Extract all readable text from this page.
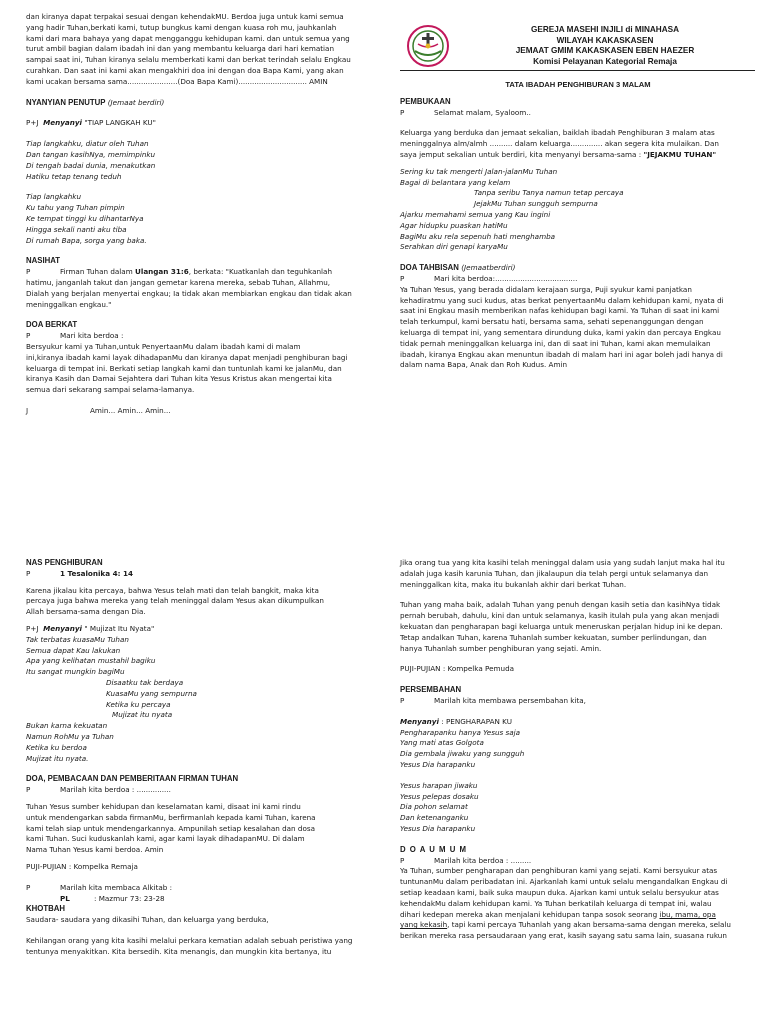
dan kiranya dapat terpakai sesuai dengan kehendakMU. Berdoa juga untuk kami semua

yang hadir Tuhan,berkati kami, tutup bungkus kami dengan kuasa roh mu, jauhkanlah

kami dari mara bahaya yang dapat mengganggu kehidupan kami. dan untuk semua yang

turut ambil bagian dalam ibadah ini dan yang membantu keluarga dari hari kematian

sampai saat ini, Tuhan kiranya selalu memberkati kami dan berkat terindah selalu Engkau

curahkan. Dan saat ini kami akan mengakhiri doa ini dengan doa Bapa Kami, yang akan

kami ucakan bersama sama......................(Doa Bapa Kami).............................. AMIN

NYANYIAN PENUTUP (Jemaat berdiri)

P+J Menyanyi "TIAP LANGKAH KU"

Tiap langkahku, diatur oleh Tuhan

Dan tangan kasihNya, memimpinku

Di tengah badai dunia, menakutkan

Hatiku tetap tenang teduh

Tiap langkahku

Ku tahu yang Tuhan pimpin

Ke tempat tinggi ku dihantarNya

Hingga sekali nanti aku tiba

Di rumah Bapa, sorga yang baka.

NASIHAT

P	Firman Tuhan dalam Ulangan 31:6, berkata: "Kuatkanlah dan teguhkanlah

hatimu, janganlah takut dan jangan gemetar karena mereka, sebab Tuhan, Allahmu,

Dialah yang berjalan menyertai engkau; Ia tidak akan membiarkan engkau dan tidak akan

meninggalkan engkau."

DOA BERKAT

P	Mari kita berdoa :

Bersyukur kami ya Tuhan,untuk PenyertaanMu dalam ibadah kami di malam

ini,kiranya ibadah kami layak dihadapanMu dan kiranya dapat menjadi penghiburan bagi

keluarga di tempat ini. Berkati setiap langkah kami dan tuntunlah kami ke jalanMu, dan

kiranya Kasih dan Damai Sejahtera dari Tuhan kita Yesus Kristus akan mengertai kita

semua dari sekarang sampai selama-lamanya.

J	Amin... Amin... Amin...
GEREJA MASEHI INJILI di MINAHASA
WILAYAH KAKASKASEN
JEMAAT GMIM KAKASKASEN EBEN HAEZER
Komisi Pelayanan Kategorial Remaja

TATA IBADAH PENGHIBURAN 3 MALAM

PEMBUKAAN

P	Selamat malam, Syaloom..

Keluarga yang berduka dan jemaat sekalian, baiklah ibadah Penghiburan 3 malam atas

meninggalnya alm/almh .......... dalam keluarga.............. akan segera kita mulaikan. Dan

saya jemput sekalian untuk berdiri, kita menyanyi bersama-sama : "JEJAKMU TUHAN"

Sering ku tak mengerti Jalan-jalanMu Tuhan

Bagai di belantara yang kelam

Tanpa seribu Tanya namun tetap percaya

JejakMu Tuhan sungguh sempurna

Ajarku memahami semua yang Kau ingini

Agar hidupku puaskan hatiMu

BagiMu aku rela sepenuh hati menghamba

Serahkan diri genapi karyaMu

DOA TAHBISAN (Jemaatberdiri)

P	Mari kita berdoa:....................................

Ya Tuhan Yesus, yang berada didalam kerajaan surga, Puji syukur kami panjatkan

kehadiratmu yang suci kudus, atas berkat penyertaanMu dalam kehidupan kami, nyata di

saat ini Engkau masih memberikan nafas kehidupan bagi kami. Ya Tuhan di saat ini kami

telah terkumpul, kami bersatu hati, bersama sama, sehati sepenanggungan dengan

keluarga di tempat ini, yang sementara dirundung duka, kami yakin dan percaya Engkau

tidak pernah meninggalkan keluarga ini, dan di saat ini Tuhan, kami akan memulaikan

ibadah, kiranya Engkau akan menuntun ibadah di malam hari ini agar boleh jadi hanya di

dalam nama Bapa, Anak dan Roh Kudus. Amin

NAS PENGHIBURAN

P	1 Tesalonika 4: 14

Karena jikalau kita percaya, bahwa Yesus telah mati dan telah bangkit, maka kita

percaya juga bahwa mereka yang telah meninggal dalam Yesus akan dikumpulkan

Allah bersama-sama dengan Dia.

P+J Menyanyi " Mujizat Itu Nyata"

Tak terbatas kuasaMu Tuhan

Semua dapat Kau lakukan

Apa yang kelihatan mustahil bagiku

Itu sangat mungkin bagiMu

Disaatku tak berdaya

KuasaMu yang sempurna

Ketika ku percaya

Mujizat itu nyata

Bukan karna kekuatan

Namun RohMu ya Tuhan

Ketika ku berdoa

Mujizat itu nyata.

DOA, PEMBACAAN DAN PEMBERITAAN FIRMAN TUHAN

P	Marilah kita berdoa : ...............

Tuhan Yesus sumber kehidupan dan keselamatan kami, disaat ini kami rindu

untuk mendengarkan sabda firmanMu, berfirmanlah kepada kami Tuhan, karena

kami telah siap untuk mendengarkannya. Ampunilah setiap kesalahan dan dosa

kami Tuhan. Suci kuduskanlah kami, agar kami layak dihadapanMU. Di dalam

Nama Tuhan Yesus kami berdoa. Amin

PUJI-PUJIAN : Kompelka Remaja

P	Marilah kita membaca Alkitab :
PL	: Mazmur 73: 23-28

KHOTBAH

Saudara- saudara yang dikasihi Tuhan, dan keluarga yang berduka,

Kehilangan orang yang kita kasihi melalui perkara kematian adalah sebuah peristiwa yang

tentunya menyakitkan. Kita bersedih. Kita menangis, dan mungkin kita bertanya, itu

Jika orang tua yang kita kasihi telah meninggal dalam usia yang sudah lanjut maka hal itu

adalah juga kasih karunia Tuhan, dan jikalaupun dia telah pergi untuk selamanya dan

meninggalkan kita, maka itu bukanlah akhir dari berkat Tuhan.

Tuhan yang maha baik, adalah Tuhan yang penuh dengan kasih setia dan kasihNya tidak

pernah berubah, dahulu, kini dan untuk selamanya, kasih itulah pula yang akan menjadi

kekuatan dan pengharapan bagi keluarga untuk meneruskan perjalan hidup ini ke depan.

Tetap andalkan Tuhan, karena Tuhanlah sumber kekuatan, sumber perlindungan, dan

hanya Tuhanlah sumber penghiburan yang sejati. Amin.

PUJI-PUJIAN : Kompelka Pemuda

PERSEMBAHAN

P	Marilah kita membawa persembahan kita,

Menyanyi : PENGHARAPAN KU

Pengharapanku hanya Yesus saja

Yang mati atas Golgota

Dia gembala jiwaku yang sungguh

Yesus Dia harapanku

Yesus harapan jiwaku

Yesus pelepas dosaku

Dia pohon selamat

Dan ketenanganku

Yesus Dia harapanku

D O A U M U M

P	Marilah kita berdoa : .........

Ya Tuhan, sumber pengharapan dan penghiburan kami yang sejati. Kami bersyukur atas

tuntunanMu dalam peribadatan ini. Ajarkanlah kami untuk selalu mengandalkan Engkau di

setiap keadaan kami, baik suka maupun duka. Ajarkan kami untuk selalu bersyukur atas

kehendakMu dalam kehidupan kami. Ya Tuhan berkatilah keluarga di tempat ini, walau

dihari kedepan mereka akan menjalani kehidupan tanpa sosok seorang ibu, mama, opa

yang kekasih, tapi kami percaya Tuhanlah yang akan bersama-sama dengan mereka, selalu

berikan mereka rasa persaudaraan yang erat, kasih sayang satu sama lain, suasana rukun
